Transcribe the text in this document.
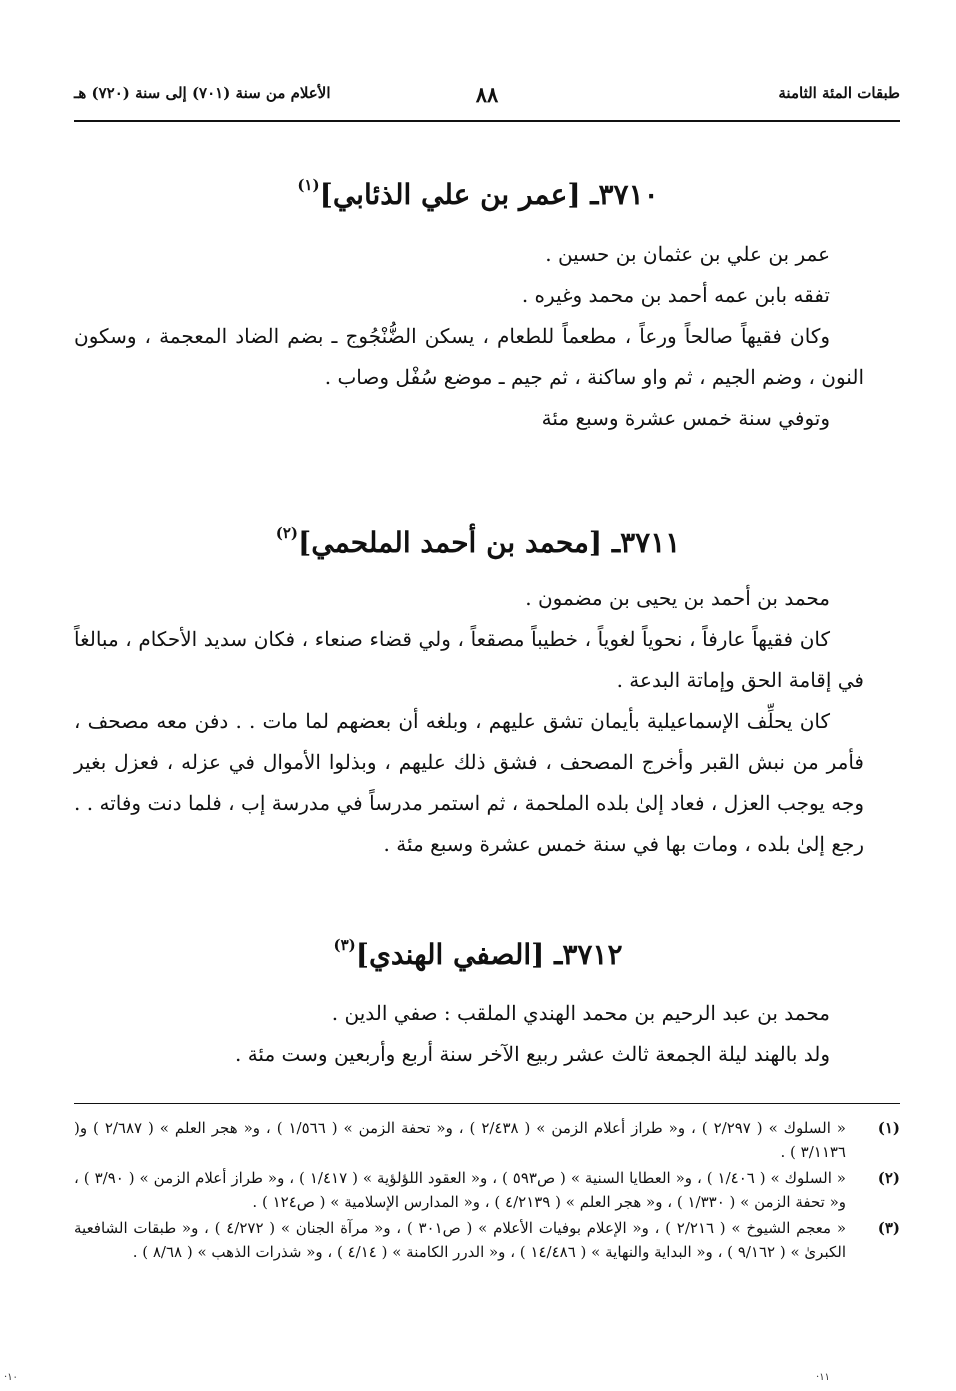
طبقات المئة الثامنة
٨٨
الأعلام من سنة (٧٠١) إلى سنة (٧٢٠) هـ
٣٧١٠ـ [عمر بن علي الذئابي]$^{(١)}$

عمر بن علي بن عثمان بن حسين .

تفقه بابن عمه أحمد بن محمد وغيره .

وكان فقيهاً صالحاً ورعاً ، مطعماً للطعام ، يسكن الضُّنْجُوج ـ بضم الضاد المعجمة ، وسكون النون ، وضم الجيم ، ثم واو ساكنة ، ثم جيم ـ موضع سُفْل وصاب .

وتوفي سنة خمس عشرة وسبع مئة

٣٧١١ـ [محمد بن أحمد الملحمي]$^{(٢)}$

محمد بن أحمد بن يحيى بن مضمون .

كان فقيهاً عارفاً ، نحوياً لغوياً ، خطيباً مصقعاً ، ولي قضاء صنعاء ، فكان سديد الأحكام ، مبالغاً في إقامة الحق وإماتة البدعة .

كان يحلِّف الإسماعيلية بأيمان تشق عليهم ، وبلغه أن بعضهم لما مات . . دفن معه مصحف ، فأمر من نبش القبر وأخرج المصحف ، فشق ذلك عليهم ، وبذلوا الأموال في عزله ، فعزل بغير وجه يوجب العزل ، فعاد إلىٰ بلده الملحمة ، ثم استمر مدرساً في مدرسة إب ، فلما دنت وفاته . . رجع إلىٰ بلده ، ومات بها في سنة خمس عشرة وسبع مئة .

٣٧١٢ـ [الصفي الهندي]$^{(٣)}$

محمد بن عبد الرحيم بن محمد الهندي الملقب : صفي الدين .

ولد بالهند ليلة الجمعة ثالث عشر ربيع الآخر سنة أربع وأربعين وست مئة .

(١)
« السلوك » ( ٢/٢٩٧ ) ، و« طراز أعلام الزمن » ( ٢/٤٣٨ ) ، و« تحفة الزمن » ( ١/٥٦٦ ) ، و« هجر العلم » ( ٢/٦٨٧ ) و( ٣/١١٣٦ ) .
(٢)
« السلوك » ( ١/٤٠٦ ) ، و« العطايا السنية » ( ص٥٩٣ ) ، و« العقود اللؤلؤية » ( ١/٤١٧ ) ، و« طراز أعلام الزمن » ( ٣/٩٠ ) ، و« تحفة الزمن » ( ١/٣٣٠ ) ، و« هجر العلم » ( ٤/٢١٣٩ ) ، و« المدارس الإسلامية » ( ص١٢٤ ) .
(٣)
« معجم الشيوخ » ( ٢/٢١٦ ) ، و« الإعلام بوفيات الأعلام » ( ص٣٠١ ) ، و« مرآة الجنان » ( ٤/٢٧٢ ) ، و« طبقات الشافعية الكبرىٰ » ( ٩/١٦٢ ) ، و« البداية والنهاية » ( ١٤/٤٨٦ ) ، و« الدرر الكامنة » ( ٤/١٤ ) ، و« شذرات الذهب » ( ٨/٦٨ ) .
·١٠	·١١
